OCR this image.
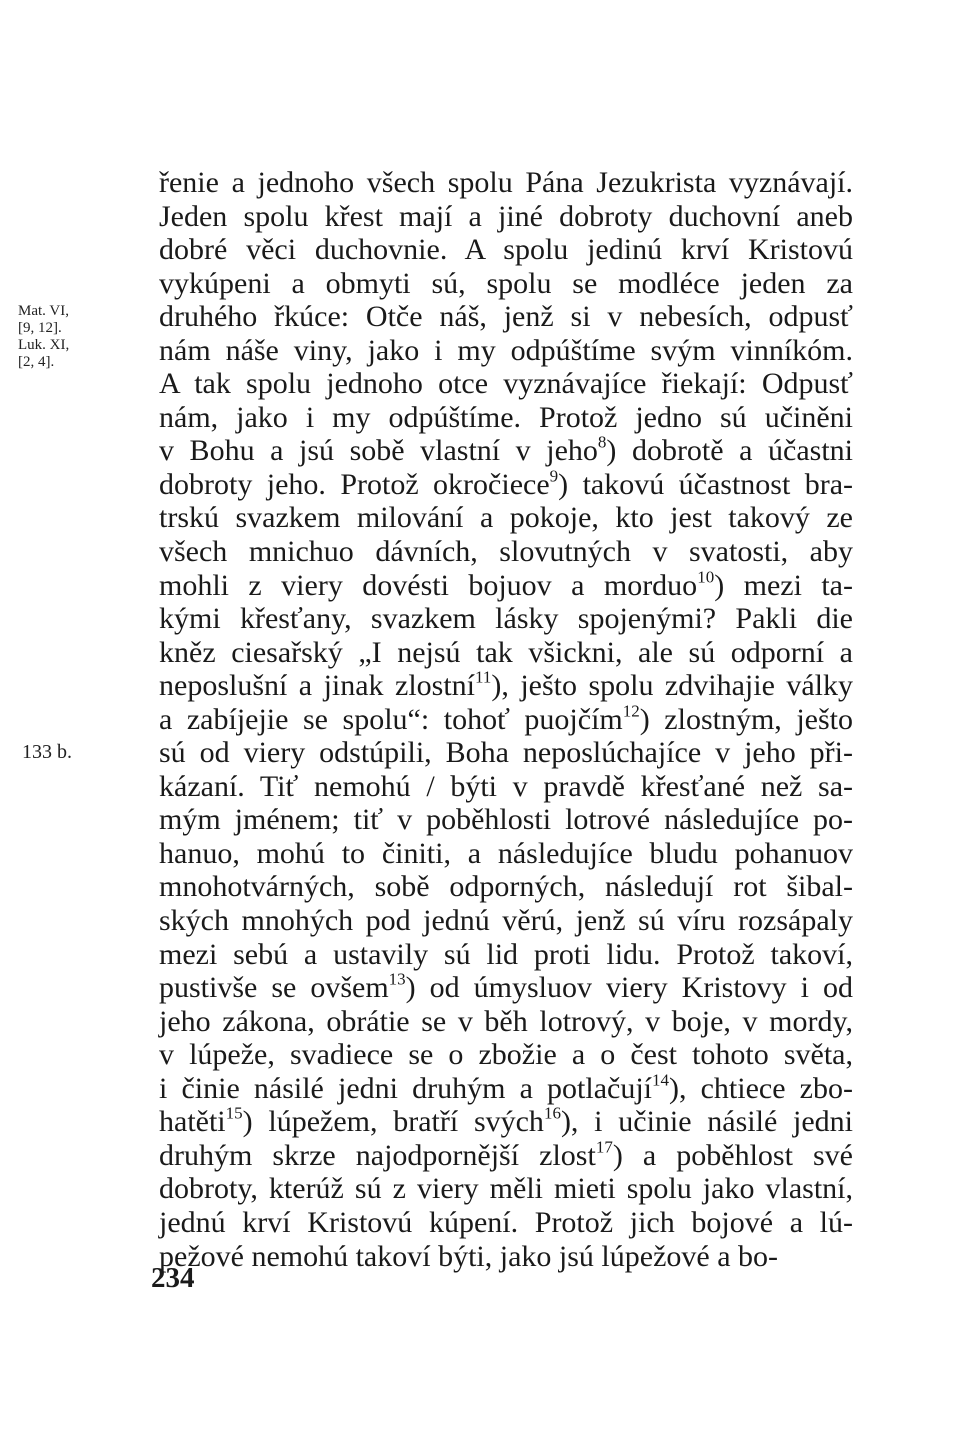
Mat. VI,
[9, 12].
Luk. XI,
[2, 4].
133 b.
řenie a jednoho všech spolu Pána Jezukrista vyznávají.
Jeden spolu křest mají a jiné dobroty duchovní aneb
dobré věci duchovnie. A spolu jedinú krví Kristovú
vykúpeni a obmyti sú, spolu se modléce jeden za
druhého řkúce: Otče náš, jenž si v nebesích, odpusť
nám náše viny, jako i my odpúštíme svým vinníkóm.
A tak spolu jednoho otce vyznávajíce řiekají: Odpusť
nám, jako i my odpúštíme. Protož jedno sú učiněni
v Bohu a jsú sobě vlastní v jeho$^8$) dobrotě a účastni
dobroty jeho. Protož okročiece$^9$) takovú účastnost bra-
trskú svazkem milování a pokoje, kto jest takový ze
všech mnichuo dávních, slovutných v svatosti, aby
mohli z viery dovésti bojuov a morduo$^{10}$) mezi ta-
kými křesťany, svazkem lásky spojenými? Pakli die
kněz ciesařský „I nejsú tak všickni, ale sú odporní a
neposlušní a jinak zlostní$^{11}$), ješto spolu zdvihajie války
a zabíjejie se spolu“: tohoť puojčím$^{12}$) zlostným, ješto
sú od viery odstúpili, Boha neposlúchajíce v jeho při-
kázaní. Tiť nemohú / býti v pravdě křesťané než sa-
mým jménem; tiť v poběhlosti lotrové následujíce po-
hanuo, mohú to činiti, a následujíce bludu pohanuov
mnohotvárných, sobě odporných, následují rot šibal-
ských mnohých pod jednú věrú, jenž sú víru rozsápaly
mezi sebú a ustavily sú lid proti lidu. Protož takoví,
pustivše se ovšem$^{13}$) od úmysluov viery Kristovy i od
jeho zákona, obrátie se v běh lotrový, v boje, v mordy,
v lúpeže, svadiece se o zbožie a o čest tohoto světa,
i činie násilé jedni druhým a potlačují$^{14}$), chtiece zbo-
hatěti$^{15}$) lúpežem, bratří svých$^{16}$), i učinie násilé jedni
druhým skrze najodpornější zlost$^{17}$) a poběhlost své
dobroty, kterúž sú z viery měli mieti spolu jako vlastní,
jednú krví Kristovú kúpení. Protož jich bojové a lú-
pežové nemohú takoví býti, jako jsú lúpežové a bo-
234
